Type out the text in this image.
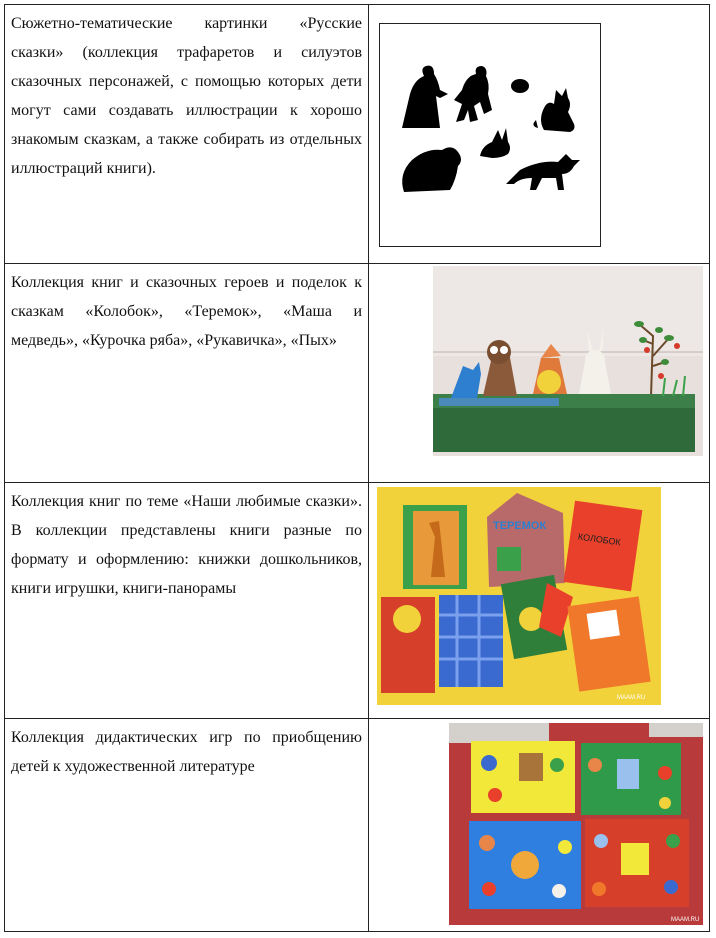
Сюжетно-тематические картинки «Русские сказки» (коллекция трафаретов и силуэтов сказочных персонажей, с помощью которых дети могут сами создавать иллюстрации к хорошо знакомым сказкам, а также собирать из отдельных иллюстраций книги).

Коллекция книг и сказочных героев и поделок к сказкам «Колобок», «Теремок», «Маша и медведь», «Курочка ряба», «Рукавичка», «Пых»

Коллекция книг по теме «Наши любимые сказки». В коллекции представлены книги разные по формату и оформлению: книжки дошкольников, книги игрушки, книги-панорамы

ТЕРЕМОК
КОЛОБОК
MAAM.RU

Коллекция дидактических игр по приобщению детей к художественной литературе

MAAM.RU
